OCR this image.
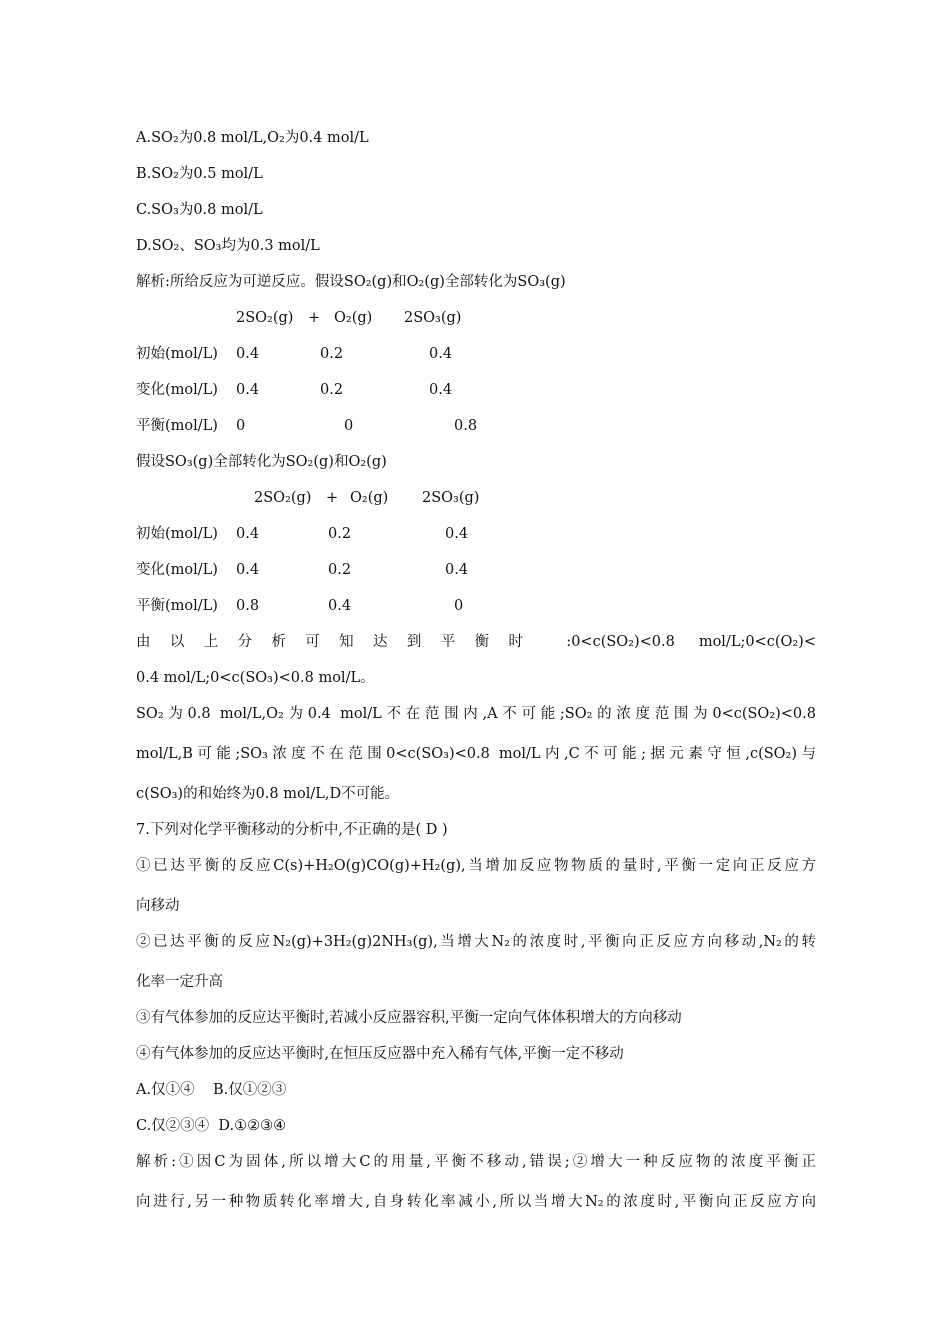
A.SO₂为0.8 mol/L,O₂为0.4 mol/L
B.SO₂为0.5 mol/L
C.SO₃为0.8 mol/L
D.SO₂、SO₃均为0.3 mol/L
解析:所给反应为可逆反应。假设SO₂(g)和O₂(g)全部转化为SO₃(g)
2SO₂(g) + O₂(g) 2SO₃(g)
初始(mol/L) 0.4	0.2	0.4
变化(mol/L) 0.4	0.2	0.4
平衡(mol/L) 0	0	0.8
假设SO₃(g)全部转化为SO₂(g)和O₂(g)
2SO₂(g) + O₂(g) 2SO₃(g)
初始(mol/L) 0.4	0.2	0.4
变化(mol/L) 0.4	0.2	0.4
平衡(mol/L) 0.8	0.4	0
由以上分析可知达到平衡时 :0<c(SO₂)<0.8 mol/L;0<c(O₂)<
0.4 mol/L;0<c(SO₃)<0.8 mol/L。
SO₂为0.8 mol/L,O₂为0.4 mol/L不在范围内,A不可能;SO₂的浓度范围为0<c(SO₂)<0.8
mol/L,B可能;SO₃浓度不在范围0<c(SO₃)<0.8 mol/L内,C不可能;据元素守恒,c(SO₂)与
c(SO₃)的和始终为0.8 mol/L,D不可能。
7.下列对化学平衡移动的分析中,不正确的是( D )
①已达平衡的反应C(s)+H₂O(g)CO(g)+H₂(g),当增加反应物物质的量时,平衡一定向正反应方
向移动
②已达平衡的反应N₂(g)+3H₂(g)2NH₃(g),当增大N₂的浓度时,平衡向正反应方向移动,N₂的转
化率一定升高
③有气体参加的反应达平衡时,若减小反应器容积,平衡一定向气体体积增大的方向移动
④有气体参加的反应达平衡时,在恒压反应器中充入稀有气体,平衡一定不移动
A.仅①④    B.仅①②③
C.仅②③④  D.①②③④
解析:①因C为固体,所以增大C的用量,平衡不移动,错误;②增大一种反应物的浓度平衡正
向进行,另一种物质转化率增大,自身转化率减小,所以当增大N₂的浓度时,平衡向正反应方向
